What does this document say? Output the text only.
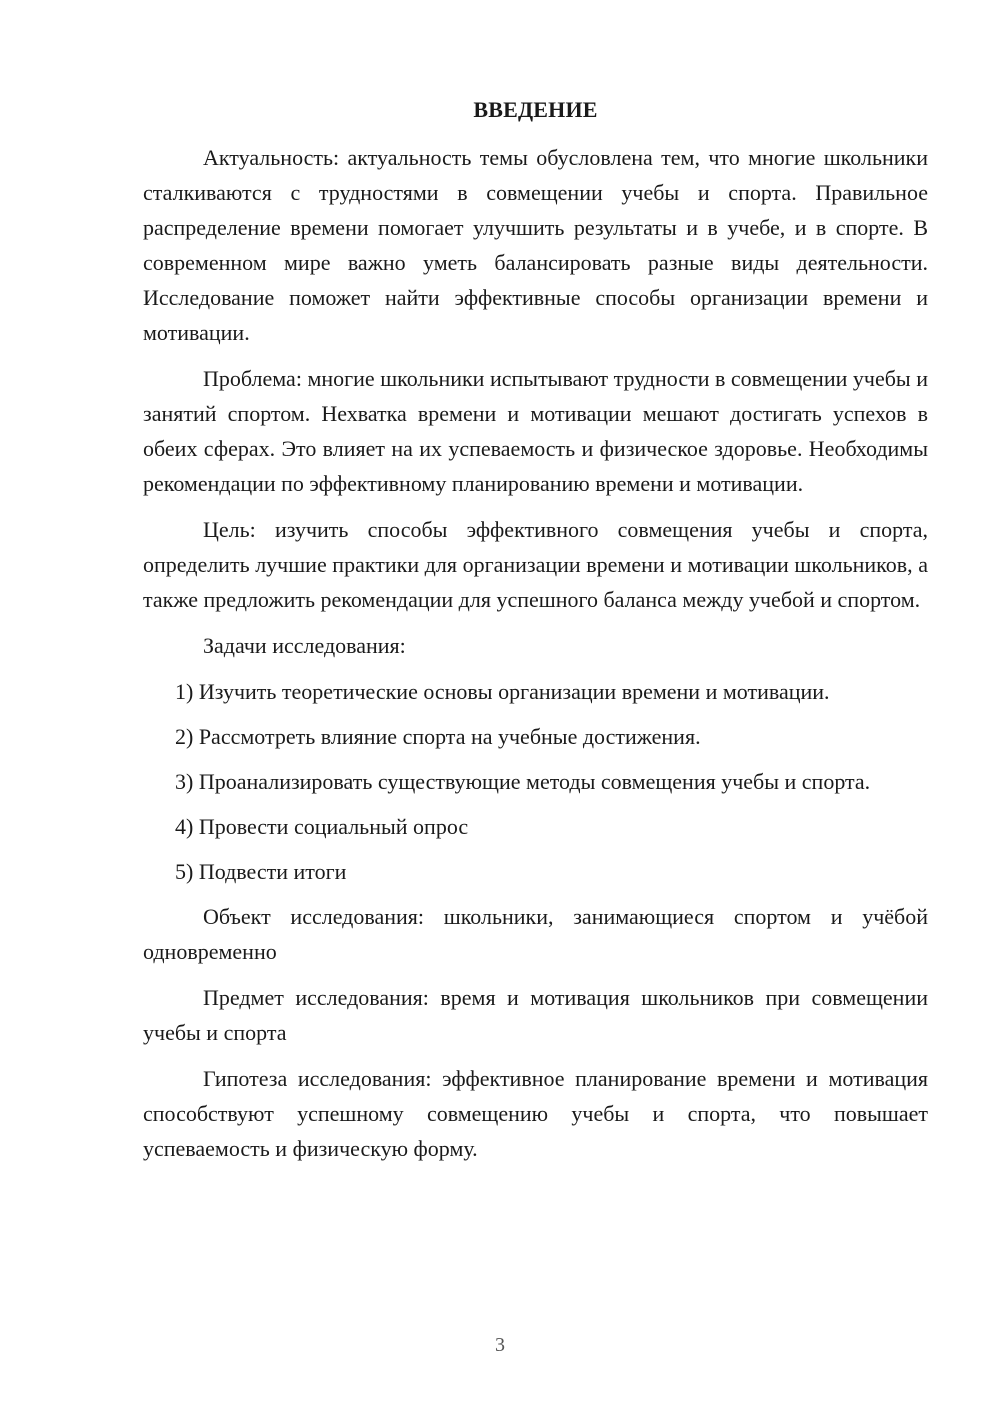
ВВЕДЕНИЕ

Актуальность: актуальность темы обусловлена тем, что многие школьники сталкиваются с трудностями в совмещении учебы и спорта. Правильное распределение времени помогает улучшить результаты и в учебе, и в спорте. В современном мире важно уметь балансировать разные виды деятельности. Исследование поможет найти эффективные способы организации времени и мотивации.

Проблема: многие школьники испытывают трудности в совмещении учебы и занятий спортом. Нехватка времени и мотивации мешают достигать успехов в обеих сферах. Это влияет на их успеваемость и физическое здоровье. Необходимы рекомендации по эффективному планированию времени и мотивации.

Цель: изучить способы эффективного совмещения учебы и спорта, определить лучшие практики для организации времени и мотивации школьников, а также предложить рекомендации для успешного баланса между учебой и спортом.

Задачи исследования:

1) Изучить теоретические основы организации времени и мотивации.

2) Рассмотреть влияние спорта на учебные достижения.

3) Проанализировать существующие методы совмещения учебы и спорта.

4) Провести социальный опрос

5) Подвести итоги

Объект исследования: школьники, занимающиеся спортом и учёбой одновременно

Предмет исследования: время и мотивация школьников при совмещении учебы и спорта

Гипотеза исследования: эффективное планирование времени и мотивация способствуют успешному совмещению учебы и спорта, что повышает успеваемость и физическую форму.

3
